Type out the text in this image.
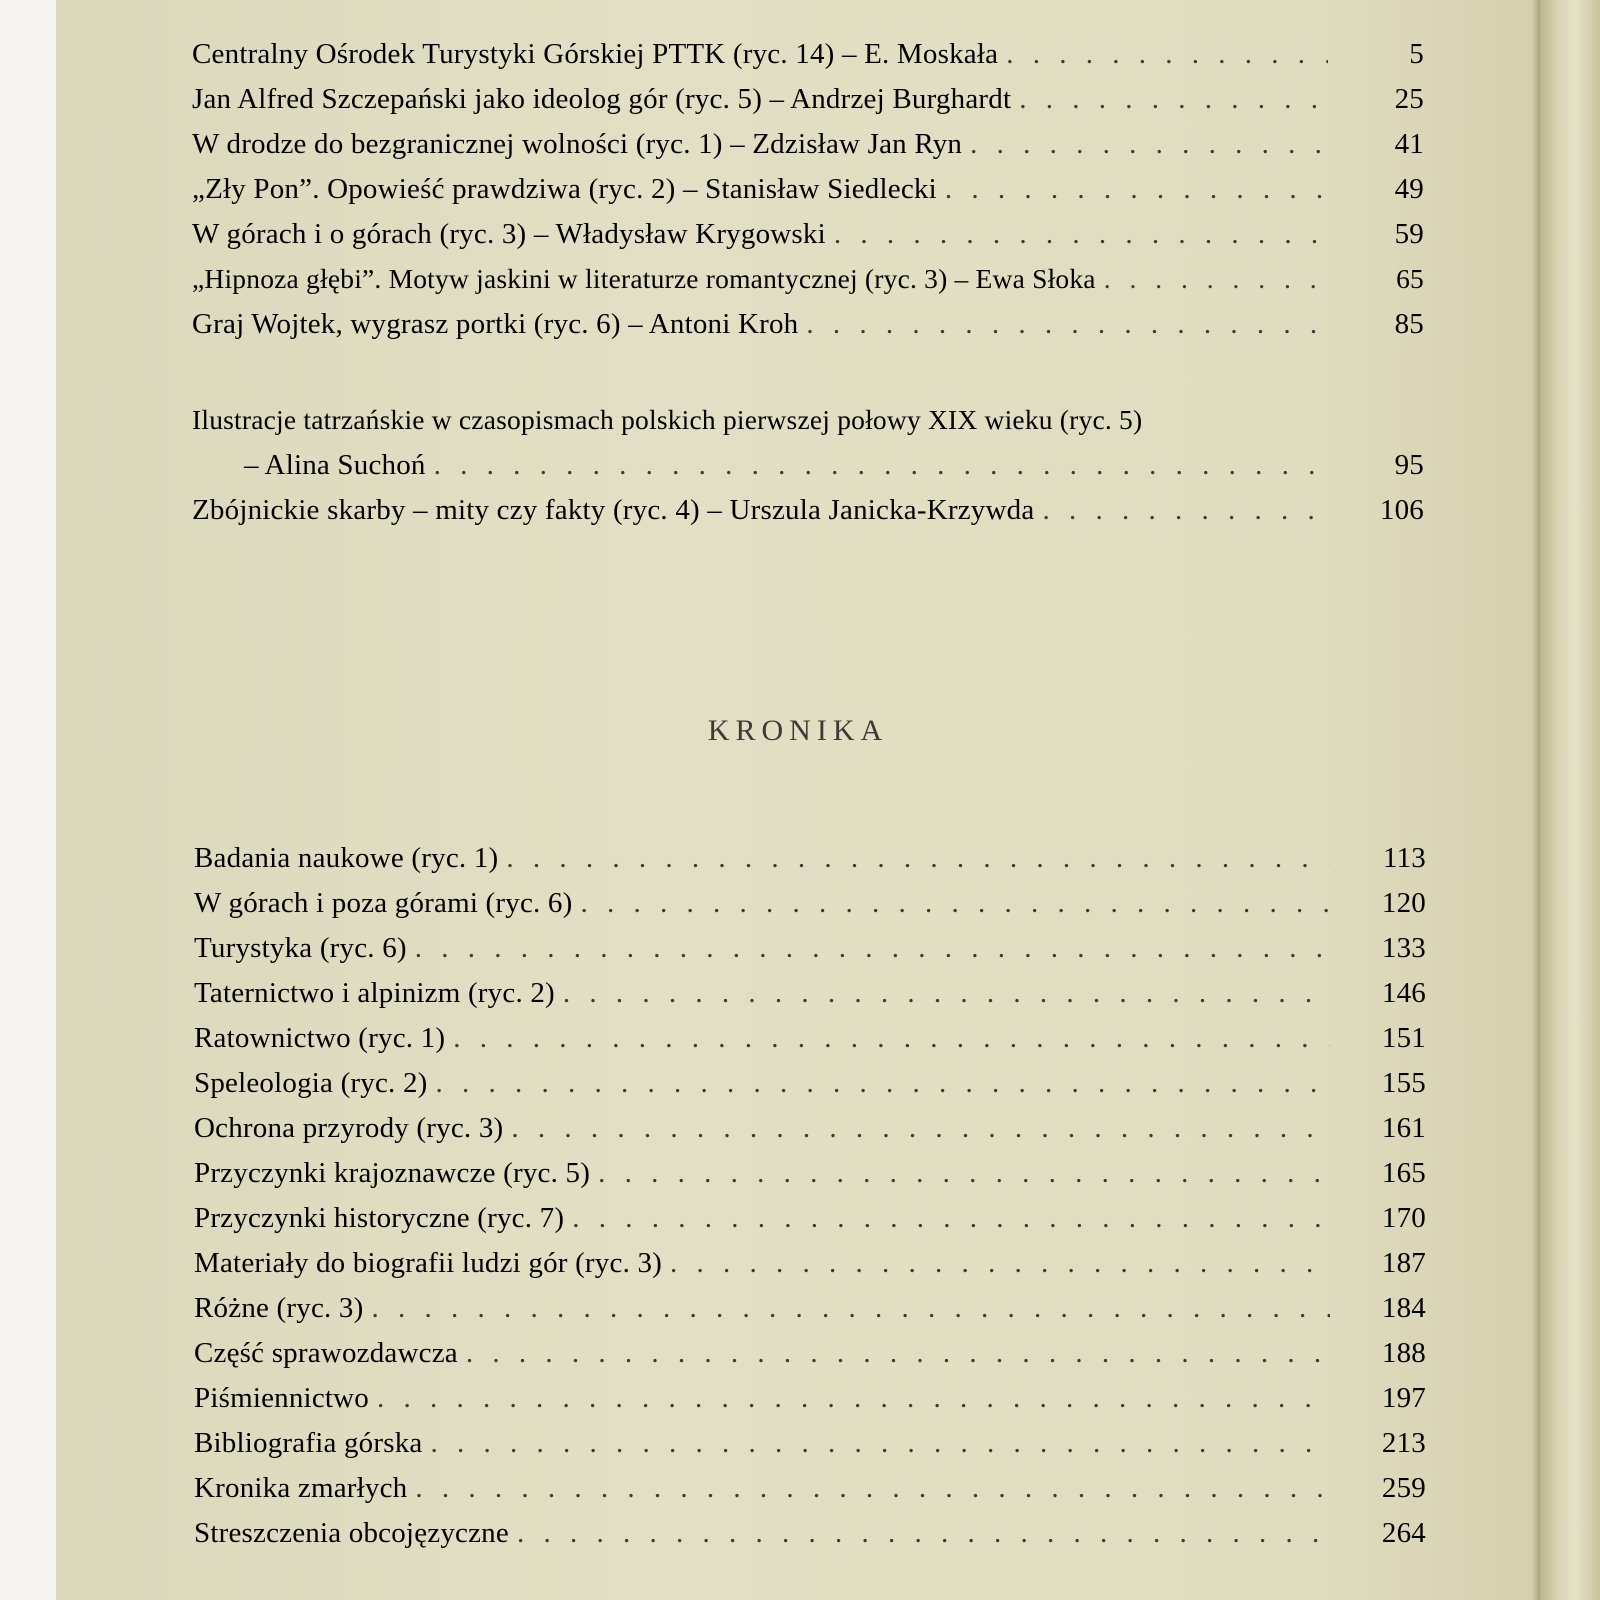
Centralny Ośrodek Turystyki Górskiej PTTK (ryc. 14) – E. Moskała . . .	5
Jan Alfred Szczepański jako ideolog gór (ryc. 5) – Andrzej Burghardt . . .	25
W drodze do bezgranicznej wolności (ryc. 1) – Zdzisław Jan Ryn . . .	41
„Zły Pon”. Opowieść prawdziwa (ryc. 2) – Stanisław Siedlecki . . .	49
W górach i o górach (ryc. 3) – Władysław Krygowski . . .	59
„Hipnoza głębi”. Motyw jaskini w literaturze romantycznej (ryc. 3) – Ewa Słoka . . .	65
Graj Wojtek, wygrasz portki (ryc. 6) – Antoni Kroh . . .	85
Ilustracje tatrzańskie w czasopismach polskich pierwszej połowy XIX wieku (ryc. 5)
– Alina Suchoń . . .	95
Zbójnickie skarby – mity czy fakty (ryc. 4) – Urszula Janicka-Krzywda . . .	106
KRONIKA
Badania naukowe (ryc. 1) . . .	113
W górach i poza górami (ryc. 6) . . .	120
Turystyka (ryc. 6) . . .	133
Taternictwo i alpinizm (ryc. 2) . . .	146
Ratownictwo (ryc. 1) . . .	151
Speleologia (ryc. 2) . . .	155
Ochrona przyrody (ryc. 3) . . .	161
Przyczynki krajoznawcze (ryc. 5) . . .	165
Przyczynki historyczne (ryc. 7) . . .	170
Materiały do biografii ludzi gór (ryc. 3) . . .	187
Różne (ryc. 3) . . .	184
Część sprawozdawcza . . .	188
Piśmiennictwo . . .	197
Bibliografia górska . . .	213
Kronika zmarłych . . .	259
Streszczenia obcojęzyczne . . .	264
